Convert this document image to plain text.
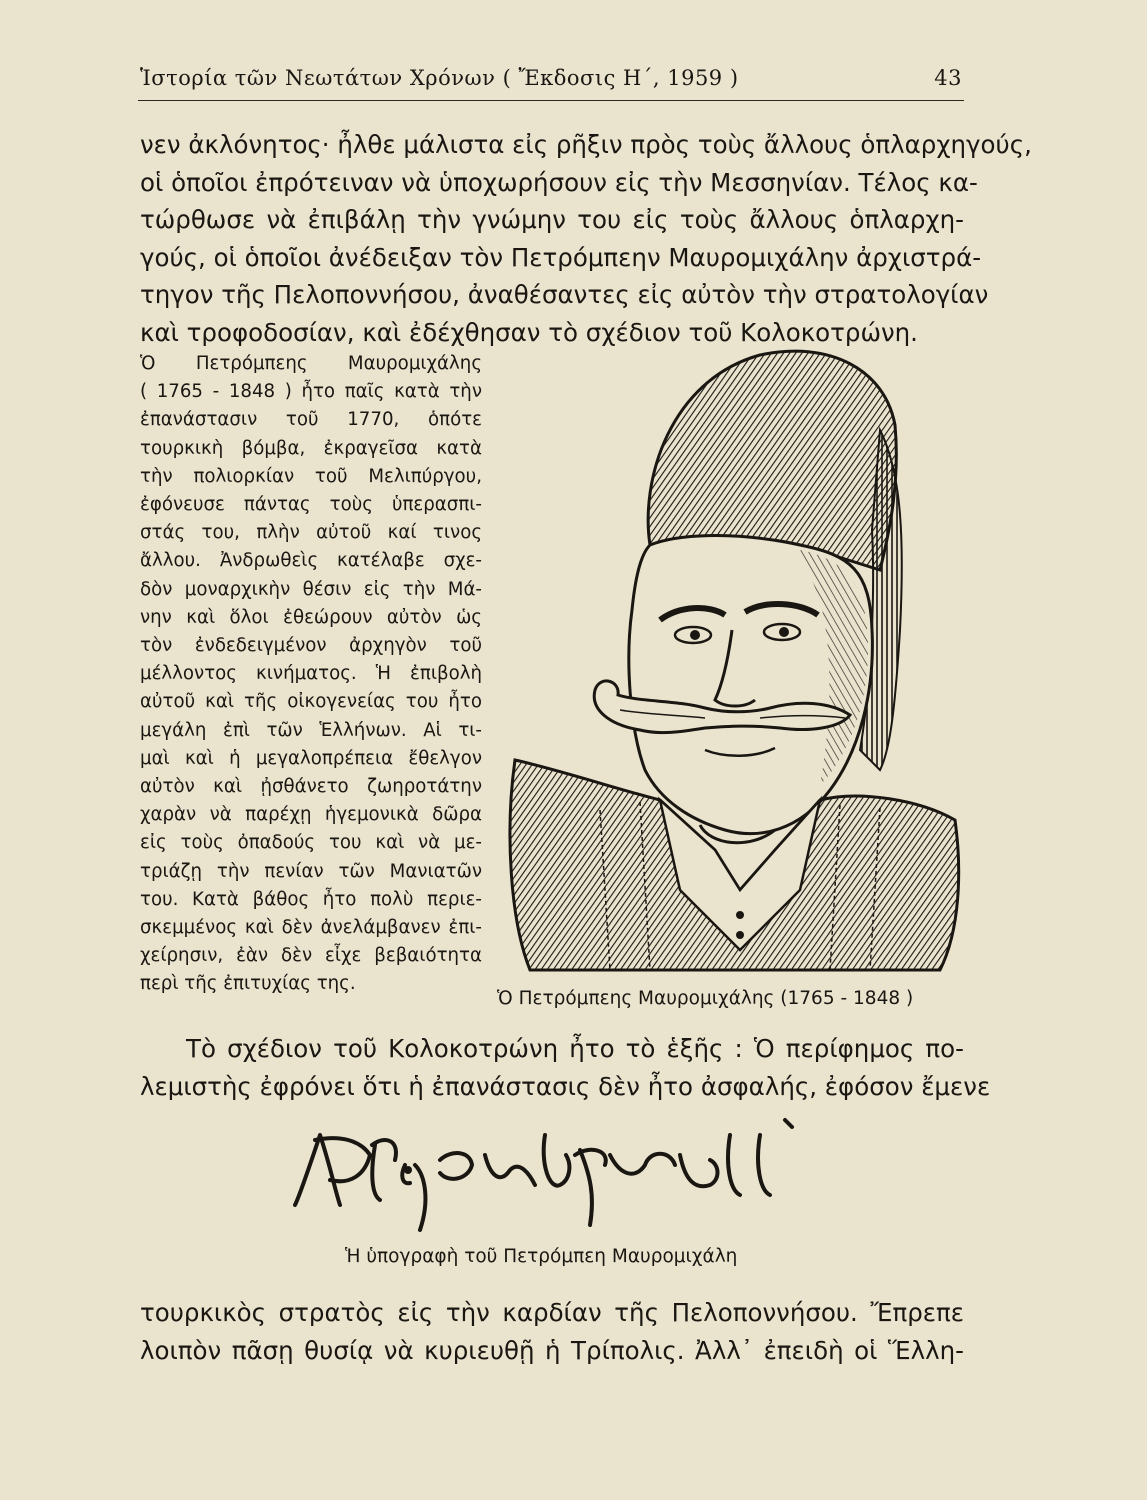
Ἱστορία τῶν Νεωτάτων Χρόνων ( Ἔκδοσις Η΄, 1959 )	43
νεν ἀκλόνητος· ἦλθε μάλιστα εἰς ρῆξιν πρὸς τοὺς ἄλλους ὁπλαρχηγούς,
οἱ ὁποῖοι ἐπρότειναν νὰ ὑποχωρήσουν εἰς τὴν Μεσσηνίαν. Τέλος κα-
τώρθωσε νὰ ἐπιβάλῃ τὴν γνώμην του εἰς τοὺς ἄλλους ὁπλαρχη-
γούς, οἱ ὁποῖοι ἀνέδειξαν τὸν Πετρόμπεην Μαυρομιχάλην ἀρχιστρά-
τηγον τῆς Πελοποννήσου, ἀναθέσαντες εἰς αὐτὸν τὴν στρατολογίαν
καὶ τροφοδοσίαν, καὶ ἐδέχθησαν τὸ σχέδιον τοῦ Κολοκοτρώνη.
Ὁ Πετρόμπεης Μαυρομιχάλης
( 1765 - 1848 ) ἦτο παῖς κατὰ τὴν
ἐπανάστασιν τοῦ 1770, ὁπότε
τουρκικὴ βόμβα, ἐκραγεῖσα κατὰ
τὴν πολιορκίαν τοῦ Μελιπύργου,
ἐφόνευσε πάντας τοὺς ὑπερασπι-
στάς του, πλὴν αὐτοῦ καί τινος
ἄλλου. Ἀνδρωθεὶς κατέλαβε σχε-
δὸν μοναρχικὴν θέσιν εἰς τὴν Μά-
νην καὶ ὅλοι ἐθεώρουν αὐτὸν ὡς
τὸν ἐνδεδειγμένον ἀρχηγὸν τοῦ
μέλλοντος κινήματος. Ἡ ἐπιβολὴ
αὐτοῦ καὶ τῆς οἰκογενείας του ἦτο
μεγάλη ἐπὶ τῶν Ἑλλήνων. Αἱ τι-
μαὶ καὶ ἡ μεγαλοπρέπεια ἔθελγον
αὐτὸν καὶ ᾐσθάνετο ζωηροτάτην
χαρὰν νὰ παρέχῃ ἡγεμονικὰ δῶρα
εἰς τοὺς ὀπαδούς του καὶ νὰ με-
τριάζῃ τὴν πενίαν τῶν Μανιατῶν
του. Κατὰ βάθος ἦτο πολὺ περιε-
σκεμμένος καὶ δὲν ἀνελάμβανεν ἐπι-
χείρησιν, ἐὰν δὲν εἶχε βεβαιότητα
περὶ τῆς ἐπιτυχίας της.
Ὁ Πετρόμπεης Μαυρομιχάλης (1765 - 1848 )
Τὸ σχέδιον τοῦ Κολοκοτρώνη ἦτο τὸ ἑξῆς : Ὁ περίφημος πο-
λεμιστὴς ἐφρόνει ὅτι ἡ ἐπανάστασις δὲν ἦτο ἀσφαλής, ἐφόσον ἔμενε
Ἡ ὑπογραφὴ τοῦ Πετρόμπεη Μαυρομιχάλη
τουρκικὸς στρατὸς εἰς τὴν καρδίαν τῆς Πελοποννήσου. Ἔπρεπε
λοιπὸν πᾶσῃ θυσίᾳ νὰ κυριευθῇ ἡ Τρίπολις. Ἀλλ᾽ ἐπειδὴ οἱ Ἕλλη-
